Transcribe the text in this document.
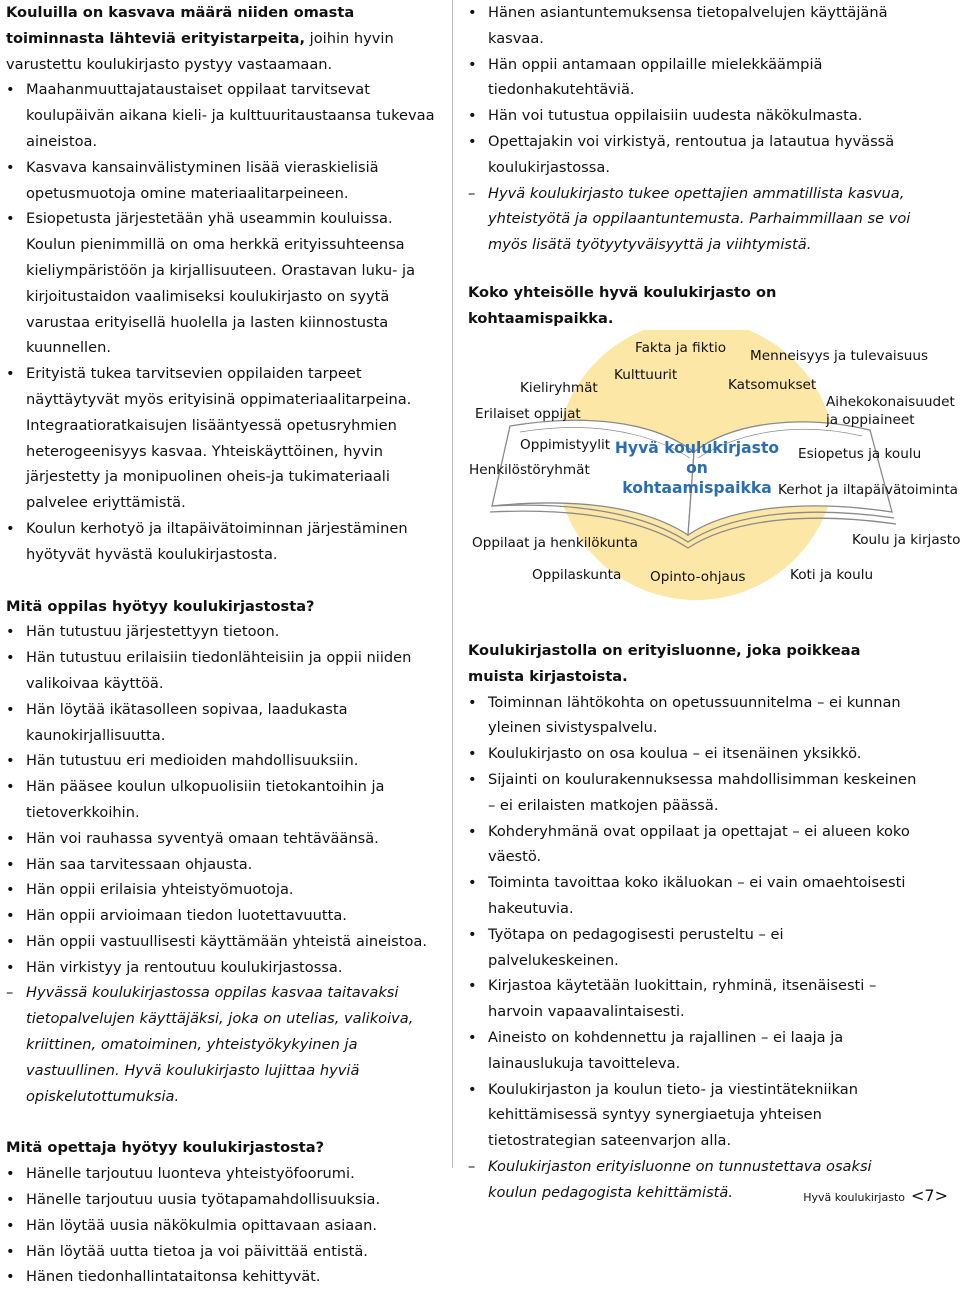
Kouluilla on kasvava määrä niiden omasta toiminnasta lähteviä erityistarpeita, joihin hyvin varustettu koulukirjasto pystyy vastaamaan.

• Maahanmuuttajataustaiset oppilaat tarvitsevat koulupäivän aikana kieli- ja kulttuuritaustaansa tukevaa aineistoa.
• Kasvava kansainvälistyminen lisää vieraskielisiä opetusmuotoja omine materiaalitarpeineen.
• Esiopetusta järjestetään yhä useammin kouluissa. Koulun pienimmillä on oma herkkä erityissuhteensa kieliympäristöön ja kirjallisuuteen. Orastavan luku- ja kirjoitustaidon vaalimiseksi koulukirjasto on syytä varustaa erityisellä huolella ja lasten kiinnostusta kuunnellen.
• Erityistä tukea tarvitsevien oppilaiden tarpeet näyttäytyvät myös erityisinä oppimateriaalitarpeina. Integraatioratkaisujen lisääntyessä opetusryhmien heterogeenisyys kasvaa. Yhteiskäyttöinen, hyvin järjestetty ja monipuolinen oheis-ja tukimateriaali palvelee eriyttämistä.
• Koulun kerhotyö ja iltapäivätoiminnan järjestäminen hyötyvät hyvästä koulukirjastosta.

Mitä oppilas hyötyy koulukirjastosta?

• Hän tutustuu järjestettyyn tietoon.
• Hän tutustuu erilaisiin tiedonlähteisiin ja oppii niiden valikoivaa käyttöä.
• Hän löytää ikätasolleen sopivaa, laadukasta kaunokirjallisuutta.
• Hän tutustuu eri medioiden mahdollisuuksiin.
• Hän pääsee koulun ulkopuolisiin tietokantoihin ja tietoverkkoihin.
• Hän voi rauhassa syventyä omaan tehtäväänsä.
• Hän saa tarvitessaan ohjausta.
• Hän oppii erilaisia yhteistyömuotoja.
• Hän oppii arvioimaan tiedon luotettavuutta.
• Hän oppii vastuullisesti käyttämään yhteistä aineistoa.
• Hän virkistyy ja rentoutuu koulukirjastossa.
– Hyvässä koulukirjastossa oppilas kasvaa taitavaksi tietopalvelujen käyttäjäksi, joka on utelias, valikoiva, kriittinen, omatoiminen, yhteistyökykyinen ja vastuullinen. Hyvä koulukirjasto lujittaa hyviä opiskelutottumuksia.

Mitä opettaja hyötyy koulukirjastosta?

• Hänelle tarjoutuu luonteva yhteistyöfoorumi.
• Hänelle tarjoutuu uusia työtapamahdollisuuksia.
• Hän löytää uusia näkökulmia opittavaan asiaan.
• Hän löytää uutta tietoa ja voi päivittää entistä.
• Hänen tiedonhallintataitonsa kehittyvät.
• Hänen asiantuntemuksensa tietopalvelujen käyttäjänä kasvaa.
• Hän oppii antamaan oppilaille mielekkäämpiä tiedonhakutehtäviä.
• Hän voi tutustua oppilaisiin uudesta näkökulmasta.
• Opettajakin voi virkistyä, rentoutua ja latautua hyvässä koulukirjastossa.
– Hyvä koulukirjasto tukee opettajien ammatillista kasvua, yhteistyötä ja oppilaantuntemusta. Parhaimmillaan se voi myös lisätä työtyytyväisyyttä ja viihtymistä.

Koko yhteisölle hyvä koulukirjasto on kohtaamispaikka.

Hyvä koulukirjasto
on kohtaamispaikka
Fakta ja fiktio Menneisyys ja tulevaisuus
Kulttuurit
Katsomukset
Kieliryhmät
Aihekokonaisuudet
ja oppiaineet
Erilaiset oppijat
Oppimistyylit
Esiopetus ja koulu
Henkilöstöryhmät
Kerhot ja iltapäivätoiminta
Oppilaat ja henkilökunta	Koulu ja kirjasto
Oppilaskunta Opinto-ohjaus	Koti ja koulu

Koulukirjastolla on erityisluonne, joka poikkeaa muista kirjastoista.

• Toiminnan lähtökohta on opetussuunnitelma – ei kunnan yleinen sivistyspalvelu.
• Koulukirjasto on osa koulua – ei itsenäinen yksikkö.
• Sijainti on koulurakennuksessa mahdollisimman keskeinen – ei erilaisten matkojen päässä.
• Kohderyhmänä ovat oppilaat ja opettajat – ei alueen koko väestö.
• Toiminta tavoittaa koko ikäluokan – ei vain omaehtoisesti hakeutuvia.
• Työtapa on pedagogisesti perusteltu – ei palvelukeskeinen.
• Kirjastoa käytetään luokittain, ryhminä, itsenäisesti – harvoin vapaavalintaisesti.
• Aineisto on kohdennettu ja rajallinen – ei laaja ja lainauslukuja tavoitteleva.
• Koulukirjaston ja koulun tieto- ja viestintätekniikan kehittämisessä syntyy synergiaetuja yhteisen tietostrategian sateenvarjon alla.
– Koulukirjaston erityisluonne on tunnustettava osaksi koulun pedagogista kehittämistä.	Hyvä koulukirjasto <7>
